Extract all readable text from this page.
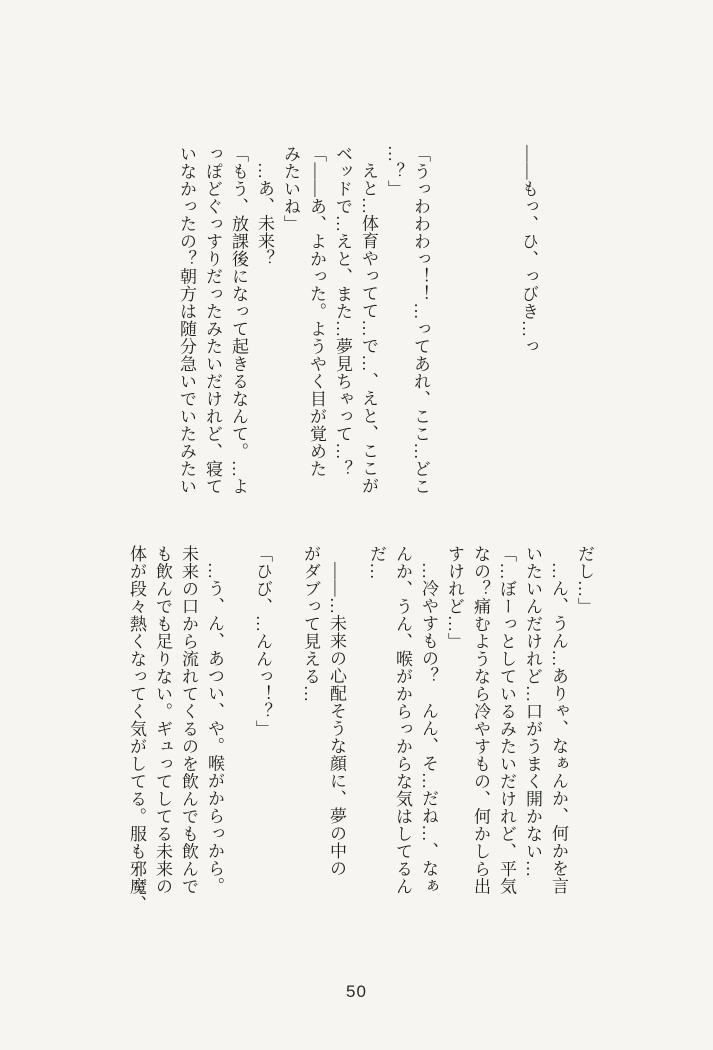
――もっ、ひ、っびき…っ

「うっわわわっ！！…ってあれ、ここ…どこ

…？」

えと…体育やってて…で…、えと、ここが

ベッドで…えと、また…夢見ちゃって…？

「――あ、よかった。ようやく目が覚めた

みたいね」

…あ、未来？

「もう、放課後になって起きるなんて。…よ

っぽどぐっすりだったみたいだけれど、寝て

いなかったの？朝方は随分急いでいたみたい

だし…」

…ん、うん…ありゃ、なぁんか、何かを言

いたいんだけれど…口がうまく開かない…

「…ぼーっとしているみたいだけれど、平気

なの？痛むようなら冷やすもの、何かしら出

すけれど…」

…冷やすもの？　んん、そ…だね…、なぁ

んか、うん、喉がからっからな気はしてるん

だ…

――…未来の心配そうな顔に、夢の中の

がダブって見える…

「ひび、…んんっ！？」

…う、ん、あつい、や。喉がからっから。

未来の口から流れてくるのを飲んでも飲んで

も飲んでも足りない。ギュってしてる未来の

体が段々熱くなってく気がしてる。服も邪魔、

50
